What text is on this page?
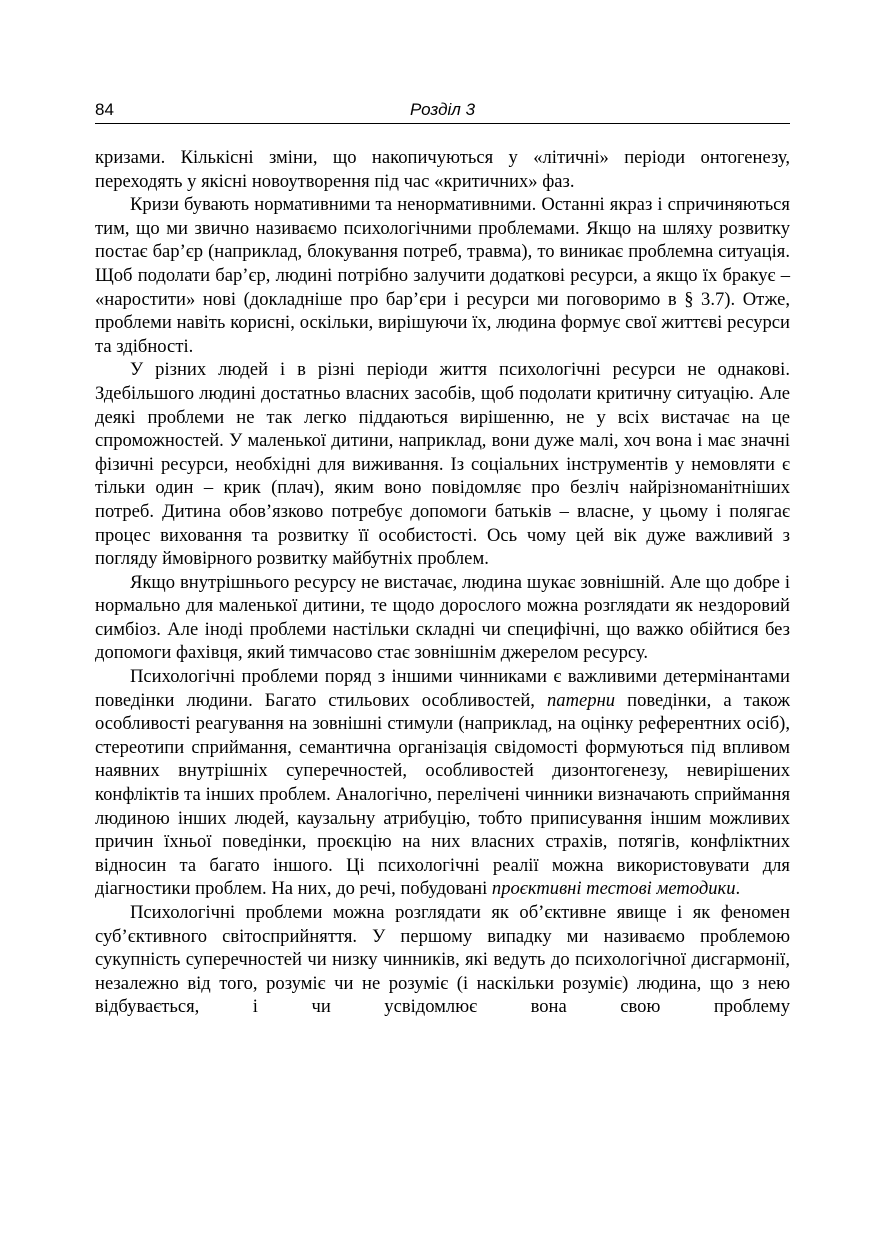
84	Розділ 3

кризами. Кількісні зміни, що накопичуються у «літичні» періоди онтогенезу, переходять у якісні новоутворення під час «критичних» фаз.

Кризи бувають нормативними та ненормативними. Останні якраз і спричиняються тим, що ми звично називаємо психологічними проблемами. Якщо на шляху розвитку постає бар’єр (наприклад, блокування потреб, травма), то виникає проблемна ситуація. Щоб подолати бар’єр, людині потрібно залучити додаткові ресурси, а якщо їх бракує – «наростити» нові (докладніше про бар’єри і ресурси ми поговоримо в § 3.7). Отже, проблеми навіть корисні, оскільки, вирішуючи їх, людина формує свої життєві ресурси та здібності.

У різних людей і в різні періоди життя психологічні ресурси не однакові. Здебільшого людині достатньо власних засобів, щоб подолати критичну ситуацію. Але деякі проблеми не так легко піддаються вирішенню, не у всіх вистачає на це спроможностей. У маленької дитини, наприклад, вони дуже малі, хоч вона і має значні фізичні ресурси, необхідні для виживання. Із соціальних інструментів у немовляти є тільки один – крик (плач), яким воно повідомляє про безліч найрізноманітніших потреб. Дитина обов’язково потребує допомоги батьків – власне, у цьому і полягає процес виховання та розвитку її особистості. Ось чому цей вік дуже важливий з погляду ймовірного розвитку майбутніх проблем.

Якщо внутрішнього ресурсу не вистачає, людина шукає зовнішній. Але що добре і нормально для маленької дитини, те щодо дорослого можна розглядати як нездоровий симбіоз. Але іноді проблеми настільки складні чи специфічні, що важко обійтися без допомоги фахівця, який тимчасово стає зовнішнім джерелом ресурсу.

Психологічні проблеми поряд з іншими чинниками є важливими детермінантами поведінки людини. Багато стильових особливостей, патерни поведінки, а також особливості реагування на зовнішні стимули (наприклад, на оцінку референтних осіб), стереотипи сприймання, семантична організація свідомості формуються під впливом наявних внутрішніх суперечностей, особливостей дизонтогенезу, невирішених конфліктів та інших проблем. Аналогічно, перелічені чинники визначають сприймання людиною інших людей, каузальну атрибуцію, тобто приписування іншим можливих причин їхньої поведінки, проєкцію на них власних страхів, потягів, конфліктних відносин та багато іншого. Ці психологічні реалії можна використовувати для діагностики проблем. На них, до речі, побудовані проєктивні тестові методики.

Психологічні проблеми можна розглядати як об’єктивне явище і як феномен суб’єктивного світосприйняття. У першому випадку ми називаємо проблемою сукупність суперечностей чи низку чинників, які ведуть до психологічної дисгармонії, незалежно від того, розуміє чи не розуміє (і наскільки розуміє) людина, що з нею відбувається, і чи усвідомлює вона свою проблему
